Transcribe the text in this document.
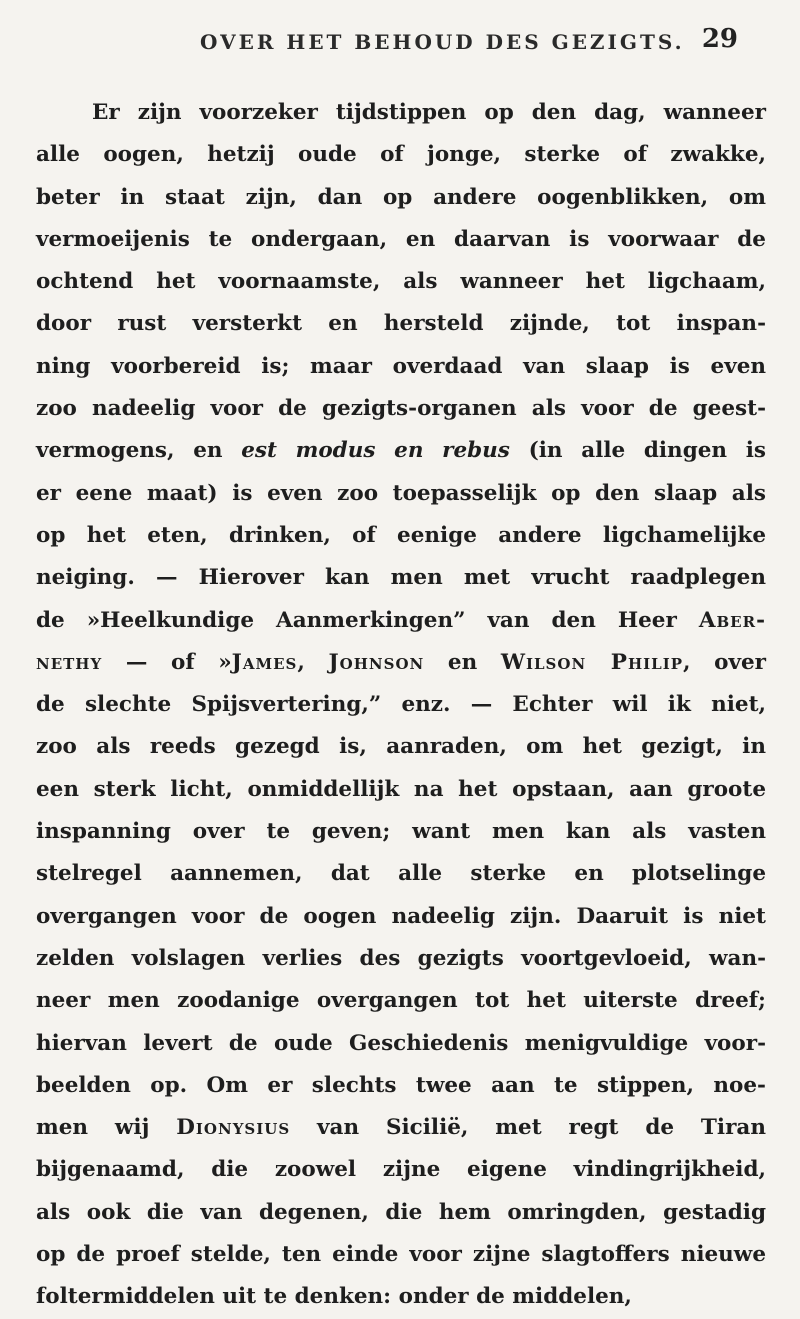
OVER HET BEHOUD DES GEZIGTS. 29
Er zijn voorzeker tijdstippen op den dag, wanneer
alle oogen, hetzij oude of jonge, sterke of zwakke,
beter in staat zijn, dan op andere oogenblikken, om
vermoeijenis te ondergaan, en daarvan is voorwaar de
ochtend het voornaamste, als wanneer het ligchaam,
door rust versterkt en hersteld zijnde, tot inspan-
ning voorbereid is; maar overdaad van slaap is even
zoo nadeelig voor de gezigts-organen als voor de geest-
vermogens, en est modus en rebus (in alle dingen is
er eene maat) is even zoo toepasselijk op den slaap als
op het eten, drinken, of eenige andere ligchamelijke
neiging. — Hierover kan men met vrucht raadplegen
de »Heelkundige Aanmerkingen” van den Heer Aber-
nethy — of »James, Johnson en Wilson Philip, over
de slechte Spijsvertering,” enz. — Echter wil ik niet,
zoo als reeds gezegd is, aanraden, om het gezigt, in
een sterk licht, onmiddellijk na het opstaan, aan groote
inspanning over te geven; want men kan als vasten
stelregel aannemen, dat alle sterke en plotselinge
overgangen voor de oogen nadeelig zijn. Daaruit is niet
zelden volslagen verlies des gezigts voortgevloeid, wan-
neer men zoodanige overgangen tot het uiterste dreef;
hiervan levert de oude Geschiedenis menigvuldige voor-
beelden op. Om er slechts twee aan te stippen, noe-
men wij Dionysius van Sicilië, met regt de Tiran
bijgenaamd, die zoowel zijne eigene vindingrijkheid,
als ook die van degenen, die hem omringden, gestadig
op de proef stelde, ten einde voor zijne slagtoffers nieuwe
foltermiddelen uit te denken: onder de middelen,
